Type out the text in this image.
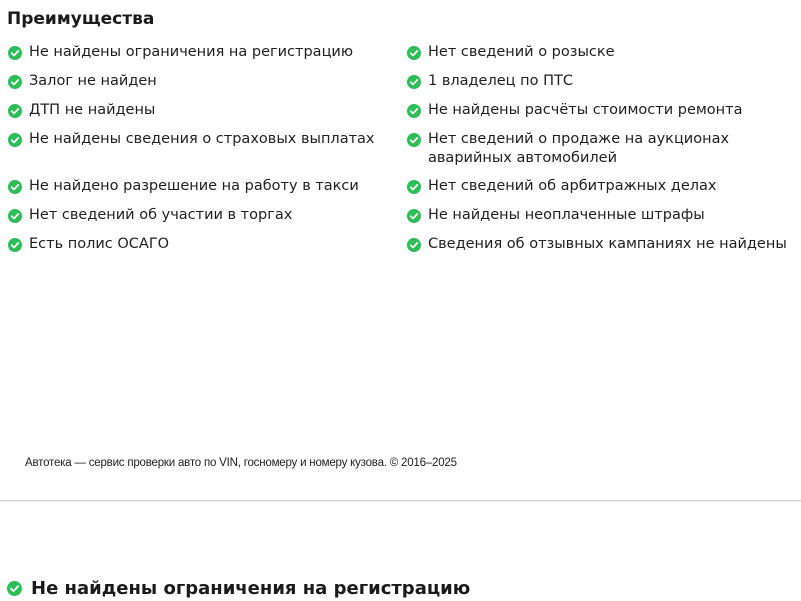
Преимущества
Не найдены ограничения на регистрацию
Залог не найден
ДТП не найдены
Не найдены сведения о страховых выплатах
Не найдено разрешение на работу в такси
Нет сведений об участии в торгах
Есть полис ОСАГО
Нет сведений о розыске
1 владелец по ПТС
Не найдены расчёты стоимости ремонта
Нет сведений о продаже на аукционах аварийных автомобилей
Нет сведений об арбитражных делах
Не найдены неоплаченные штрафы
Сведения об отзывных кампаниях не найдены
Автотека — сервис проверки авто по VIN, госномеру и номеру кузова. © 2016–2025
Не найдены ограничения на регистрацию
